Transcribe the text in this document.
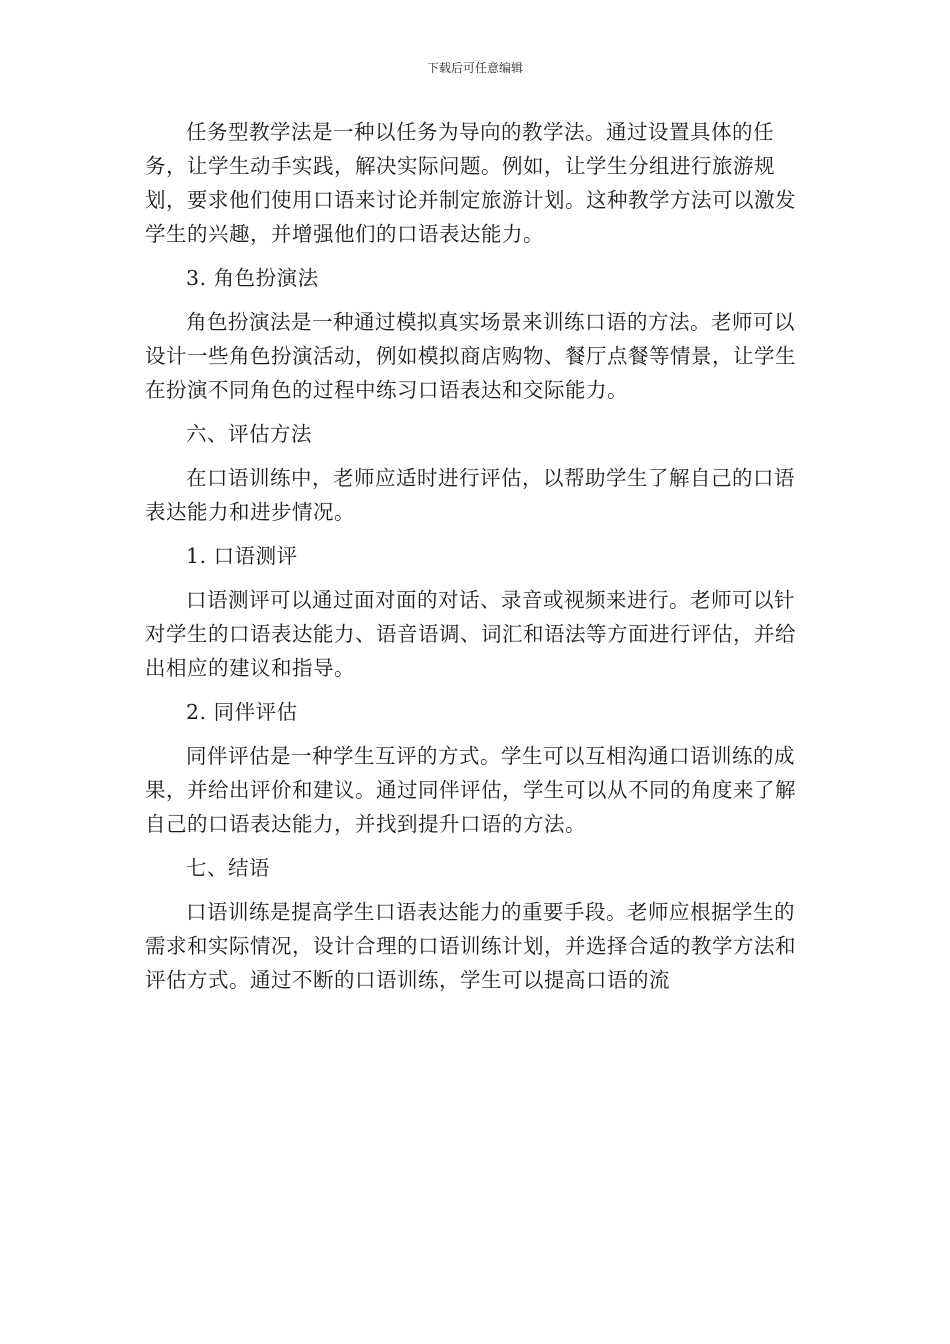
下载后可任意编辑

任务型教学法是一种以任务为导向的教学法。通过设置具体的任务，让学生动手实践，解决实际问题。例如，让学生分组进行旅游规划，要求他们使用口语来讨论并制定旅游计划。这种教学方法可以激发学生的兴趣，并增强他们的口语表达能力。

3. 角色扮演法

角色扮演法是一种通过模拟真实场景来训练口语的方法。老师可以设计一些角色扮演活动，例如模拟商店购物、餐厅点餐等情景，让学生在扮演不同角色的过程中练习口语表达和交际能力。

六、评估方法

在口语训练中，老师应适时进行评估，以帮助学生了解自己的口语表达能力和进步情况。

1. 口语测评

口语测评可以通过面对面的对话、录音或视频来进行。老师可以针对学生的口语表达能力、语音语调、词汇和语法等方面进行评估，并给出相应的建议和指导。

2. 同伴评估

同伴评估是一种学生互评的方式。学生可以互相沟通口语训练的成果，并给出评价和建议。通过同伴评估，学生可以从不同的角度来了解自己的口语表达能力，并找到提升口语的方法。

七、结语

口语训练是提高学生口语表达能力的重要手段。老师应根据学生的需求和实际情况，设计合理的口语训练计划，并选择合适的教学方法和评估方式。通过不断的口语训练，学生可以提高口语的流
